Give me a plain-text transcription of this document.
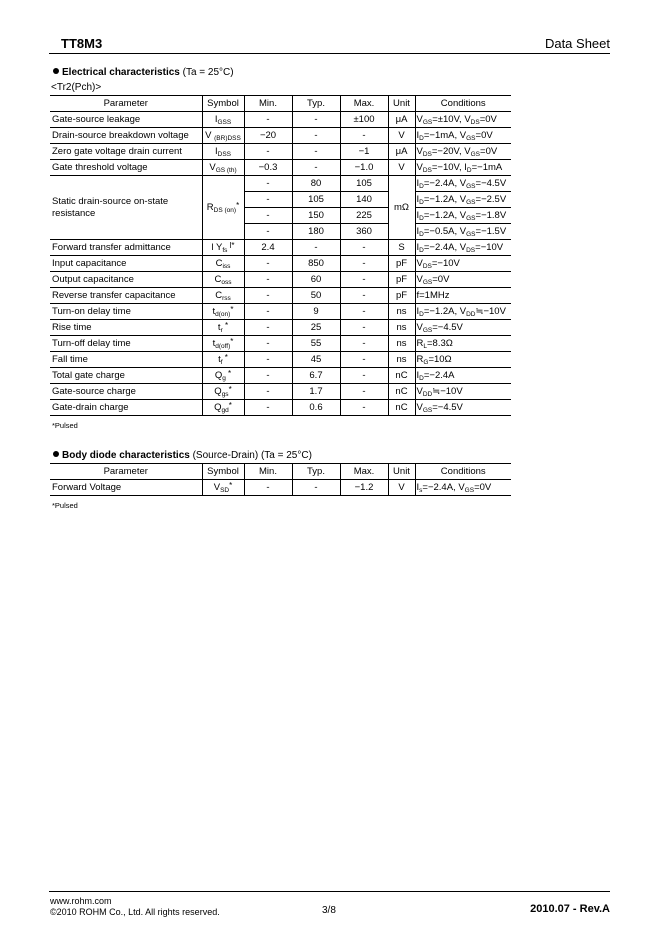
TT8M3	Data Sheet
Electrical characteristics (Ta = 25°C)
<Tr2(Pch)>
Parameter	Symbol	Min.	Typ.	Max.	Unit	Conditions
Gate-source leakage	$I_{GSS}$	-	-	±100	μA	$V_{GS}=\pm 10V$, $V_{DS}=0V$
Drain-source breakdown voltage	V $_{(BR)DSS}$	−20	-	-	V	$I_D=-1mA$, $V_{GS}=0V$
Zero gate voltage drain current	$I_{DSS}$	-	-	−1	μA	$V_{DS}=-20V$, $V_{GS}=0V$
Gate threshold voltage	$V_{GS (th)}$	−0.3	-	−1.0	V	$V_{DS}=-10V$, $I_D=-1mA$

Static drain-source on-state resistance	$R_{DS (on)}^*$	-	80	105	mΩ	$I_D=-2.4A$, $V_{GS}=-4.5V$
		-	105	140		$I_D=-1.2A$, $V_{GS}=-2.5V$
		-	150	225		$I_D=-1.2A$, $V_{GS}=-1.8V$
		-	180	360		$I_D=-0.5A$, $V_{GS}=-1.5V$
Forward transfer admittance	l $Y_{fs}$ $^{l*}$	2.4	-	-	S	$I_D=-2.4A$, $V_{DS}=-10V$
Input capacitance	$C_{iss}$	-	850	-	pF	$V_{DS}=-10V$
Output capacitance	$C_{oss}$	-	60	-	pF	$V_{GS}=0V$
Reverse transfer capacitance	$C_{rss}$	-	50	-	pF	f=1MHz
Turn-on delay time	$t_{d(on)}^*$	-	9	-	ns	$I_D=-1.2A$, $V_{DD}≒-10V$
Rise time	$t_r$ *	-	25	-	ns	$V_{GS}=-4.5V$
Turn-off delay time	$t_{d(off)}^*$	-	55	-	ns	$R_L=8.3\Omega$
Fall time	$t_f$ *	-	45	-	ns	$R_G=10\Omega$
Total gate charge	$Q_g$ *	-	6.7	-	nC	$I_D=-2.4A$
Gate-source charge	$Q_{gs}^*$	-	1.7	-	nC	$V_{DD}≒-10V$
Gate-drain charge	$Q_{gd}^*$	-	0.6	-	nC	$V_{GS}=-4.5V$
*Pulsed
Body diode characteristics (Source-Drain) (Ta = 25°C)
Parameter	Symbol	Min.	Typ.	Max.	Unit	Conditions
Forward Voltage	$V_{SD}^*$	-	-	−1.2	V	$I_s=-2.4A$, $V_{GS}=0V$
*Pulsed
www.rohm.com
©2010 ROHM Co., Ltd. All rights reserved.	3/8	2010.07 - Rev.A
